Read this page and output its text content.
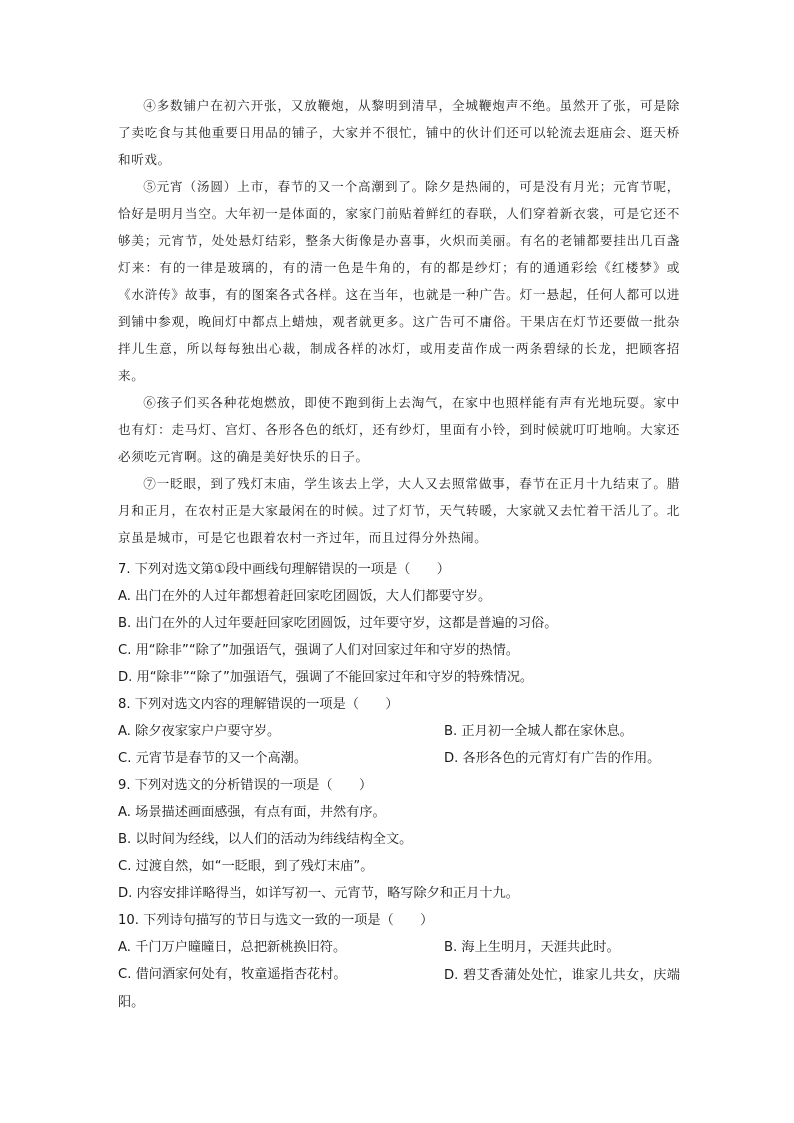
④多数铺户在初六开张，又放鞭炮，从黎明到清早，全城鞭炮声不绝。虽然开了张，可是除了卖吃食与其他重要日用品的铺子，大家并不很忙，铺中的伙计们还可以轮流去逛庙会、逛天桥和听戏。

⑤元宵（汤圆）上市，春节的又一个高潮到了。除夕是热闹的，可是没有月光；元宵节呢，恰好是明月当空。大年初一是体面的，家家门前贴着鲜红的春联，人们穿着新衣裳，可是它还不够美；元宵节，处处悬灯结彩，整条大街像是办喜事，火炽而美丽。有名的老铺都要挂出几百盏灯来：有的一律是玻璃的，有的清一色是牛角的，有的都是纱灯；有的通通彩绘《红楼梦》或《水浒传》故事，有的图案各式各样。这在当年，也就是一种广告。灯一悬起，任何人都可以进到铺中参观，晚间灯中都点上蜡烛，观者就更多。这广告可不庸俗。干果店在灯节还要做一批杂拌儿生意，所以每每独出心裁，制成各样的冰灯，或用麦苗作成一两条碧绿的长龙，把顾客招来。

⑥孩子们买各种花炮燃放，即使不跑到街上去淘气，在家中也照样能有声有光地玩耍。家中也有灯：走马灯、宫灯、各形各色的纸灯，还有纱灯，里面有小铃，到时候就叮叮地响。大家还必须吃元宵啊。这的确是美好快乐的日子。

⑦一眨眼，到了残灯末庙，学生该去上学，大人又去照常做事，春节在正月十九结束了。腊月和正月，在农村正是大家最闲在的时候。过了灯节，天气转暖，大家就又去忙着干活儿了。北京虽是城市，可是它也跟着农村一齐过年，而且过得分外热闹。

7. 下列对选文第①段中画线句理解错误的一项是（　　）

A. 出门在外的人过年都想着赶回家吃团圆饭，大人们都要守岁。

B. 出门在外的人过年要赶回家吃团圆饭，过年要守岁，这都是普遍的习俗。

C. 用“除非”“除了”加强语气，强调了人们对回家过年和守岁的热情。

D. 用“除非”“除了”加强语气，强调了不能回家过年和守岁的特殊情况。

8. 下列对选文内容的理解错误的一项是（　　）

A. 除夕夜家家户户要守岁。	B. 正月初一全城人都在家休息。
C. 元宵节是春节的又一个高潮。	D. 各形各色的元宵灯有广告的作用。

9. 下列对选文的分析错误的一项是（　　）

A. 场景描述画面感强，有点有面，井然有序。

B. 以时间为经线，以人们的活动为纬线结构全文。

C. 过渡自然，如“一眨眼，到了残灯末庙”。

D. 内容安排详略得当，如详写初一、元宵节，略写除夕和正月十九。

10. 下列诗句描写的节日与选文一致的一项是（　　）

A. 千门万户曈曈日，总把新桃换旧符。	B. 海上生明月，天涯共此时。
C. 借问酒家何处有，牧童遥指杏花村。	D. 碧艾香蒲处处忙，谁家儿共女，庆端阳。
